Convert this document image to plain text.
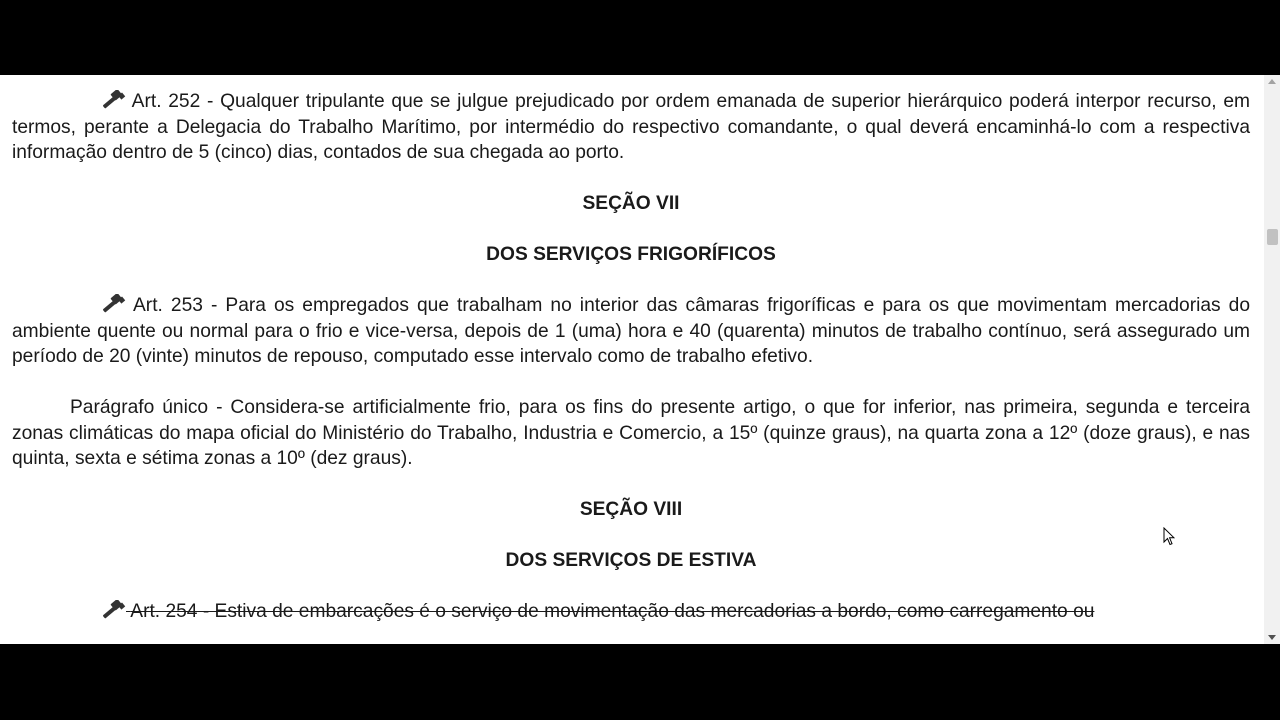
Art. 252 - Qualquer tripulante que se julgue prejudicado por ordem emanada de superior hierárquico poderá interpor recurso, em termos, perante a Delegacia do Trabalho Marítimo, por intermédio do respectivo comandante, o qual deverá encaminhá-lo com a respectiva informação dentro de 5 (cinco) dias, contados de sua chegada ao porto.

SEÇÃO VII
DOS SERVIÇOS FRIGORÍFICOS

Art. 253 - Para os empregados que trabalham no interior das câmaras frigoríficas e para os que movimentam mercadorias do ambiente quente ou normal para o frio e vice-versa, depois de 1 (uma) hora e 40 (quarenta) minutos de trabalho contínuo, será assegurado um período de 20 (vinte) minutos de repouso, computado esse intervalo como de trabalho efetivo.

Parágrafo único - Considera-se artificialmente frio, para os fins do presente artigo, o que for inferior, nas primeira, segunda e terceira zonas climáticas do mapa oficial do Ministério do Trabalho, Industria e Comercio, a 15º (quinze graus), na quarta zona a 12º (doze graus), e nas quinta, sexta e sétima zonas a 10º (dez graus).

SEÇÃO VIII
DOS SERVIÇOS DE ESTIVA

Art. 254 - Estiva de embarcações é o serviço de movimentação das mercadorias a bordo, como carregamento ou
